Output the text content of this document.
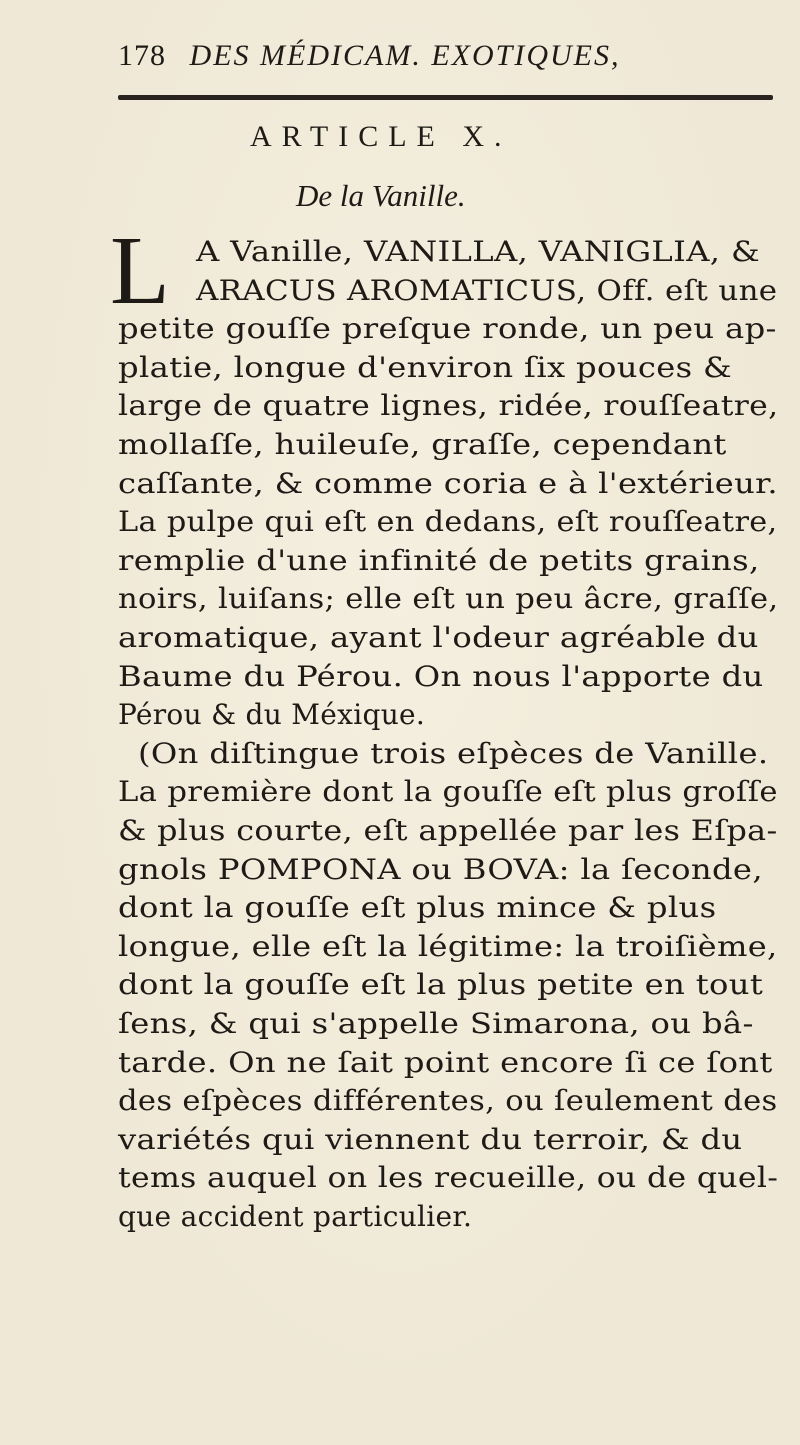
178 DES MÉDICAM. EXOTIQUES,
ARTICLE X.
De la Vanille.
L A Vanille, VANILLA, VANIGLIA, &
ARACUS AROMATICUS, Off. eſt une
petite gouſſe preſque ronde, un peu ap-
platie, longue d'environ ſix pouces &
large de quatre lignes, ridée, rouſſeatre,
mollaſſe, huileuſe, graſſe, cependant
caſſante, & comme coria e à l'extérieur.
La pulpe qui eſt en dedans, eſt rouſſeatre,
remplie d'une infinité de petits grains,
noirs, luiſans; elle eſt un peu âcre, graſſe,
aromatique, ayant l'odeur agréable du
Baume du Pérou. On nous l'apporte du
Pérou & du Méxique.
(On diſtingue trois eſpèces de Vanille.
La première dont la gouſſe eſt plus groſſe
& plus courte, eſt appellée par les Eſpa-
gnols POMPONA ou BOVA: la ſeconde,
dont la gouſſe eſt plus mince & plus
longue, elle eſt la légitime: la troiſième,
dont la gouſſe eſt la plus petite en tout
ſens, & qui s'appelle Simarona, ou bâ-
tarde. On ne ſait point encore ſi ce ſont
des eſpèces différentes, ou ſeulement des
variétés qui viennent du terroir, & du
tems auquel on les recueille, ou de quel-
que accident particulier.
